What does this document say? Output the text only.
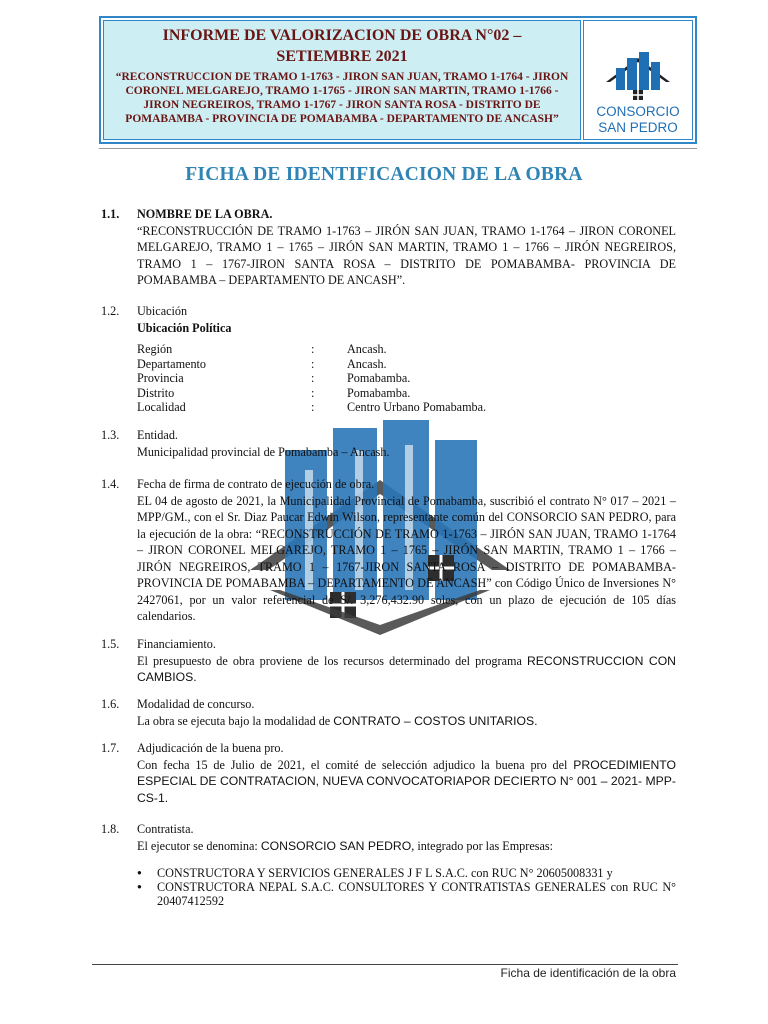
INFORME DE VALORIZACION DE OBRA N°02 –
SETIEMBRE 2021
“RECONSTRUCCION DE TRAMO 1-1763 - JIRON SAN JUAN, TRAMO 1-1764 - JIRON CORONEL MELGAREJO, TRAMO 1-1765 - JIRON SAN MARTIN, TRAMO 1-1766 - JIRON NEGREIROS, TRAMO 1-1767 - JIRON SANTA ROSA - DISTRITO DE POMABAMBA - PROVINCIA DE POMABAMBA - DEPARTAMENTO DE ANCASH”	CONSORCIO
SAN PEDRO
FICHA DE IDENTIFICACION DE LA OBRA
1.1.	NOMBRE DE LA OBRA.
“RECONSTRUCCIÓN DE TRAMO 1-1763 – JIRÓN SAN JUAN, TRAMO 1-1764 – JIRON CORONEL MELGAREJO, TRAMO 1 – 1765 – JIRÓN SAN MARTIN, TRAMO 1 – 1766 – JIRÓN NEGREIROS, TRAMO 1 – 1767-JIRON SANTA ROSA – DISTRITO DE POMABAMBA- PROVINCIA DE POMABAMBA – DEPARTAMENTO DE ANCASH”.
1.2.	Ubicación
Ubicación Política
Región	:	Ancash.
Departamento	:	Ancash.
Provincia	:	Pomabamba.
Distrito	:	Pomabamba.
Localidad	:	Centro Urbano Pomabamba.
1.3.	Entidad.
Municipalidad provincial de Pomabamba – Ancash.
1.4.	Fecha de firma de contrato de ejecución de obra.
EL 04 de agosto de 2021, la Municipalidad Provincial de Pomabamba, suscribió el contrato N° 017 – 2021 – MPP/GM., con el Sr. Diaz Paucar Edwin Wilson, representante común del CONSORCIO SAN PEDRO, para la ejecución de la obra: “RECONSTRUCCIÓN DE TRAMO 1-1763 – JIRÓN SAN JUAN, TRAMO 1-1764 – JIRON CORONEL MELGAREJO, TRAMO 1 – 1765 – JIRÓN SAN MARTIN, TRAMO 1 – 1766 – JIRÓN NEGREIROS, TRAMO 1 – 1767-JIRON SANTA ROSA – DISTRITO DE POMABAMBA- PROVINCIA DE POMABAMBA – DEPARTAMENTO DE ANCASH” con Código Único de Inversiones N° 2427061, por un valor referencial de S/. 3,276,432.90 soles, con un plazo de ejecución de 105 días calendarios.
1.5.	Financiamiento.
El presupuesto de obra proviene de los recursos determinado del programa RECONSTRUCCION CON CAMBIOS.
1.6.	Modalidad de concurso.
La obra se ejecuta bajo la modalidad de CONTRATO – COSTOS UNITARIOS.
1.7.	Adjudicación de la buena pro.
Con fecha 15 de Julio de 2021, el comité de selección adjudico la buena pro del PROCEDIMIENTO ESPECIAL DE CONTRATACION, NUEVA CONVOCATORIAPOR DECIERTO N° 001 – 2021- MPP- CS-1.
1.8.	Contratista.
El ejecutor se denomina: CONSORCIO SAN PEDRO, integrado por las Empresas:
● CONSTRUCTORA Y SERVICIOS GENERALES J F L S.A.C. con RUC N° 20605008331 y
● CONSTRUCTORA NEPAL S.A.C. CONSULTORES Y CONTRATISTAS GENERALES con RUC N° 20407412592
Ficha de identificación de la obra
